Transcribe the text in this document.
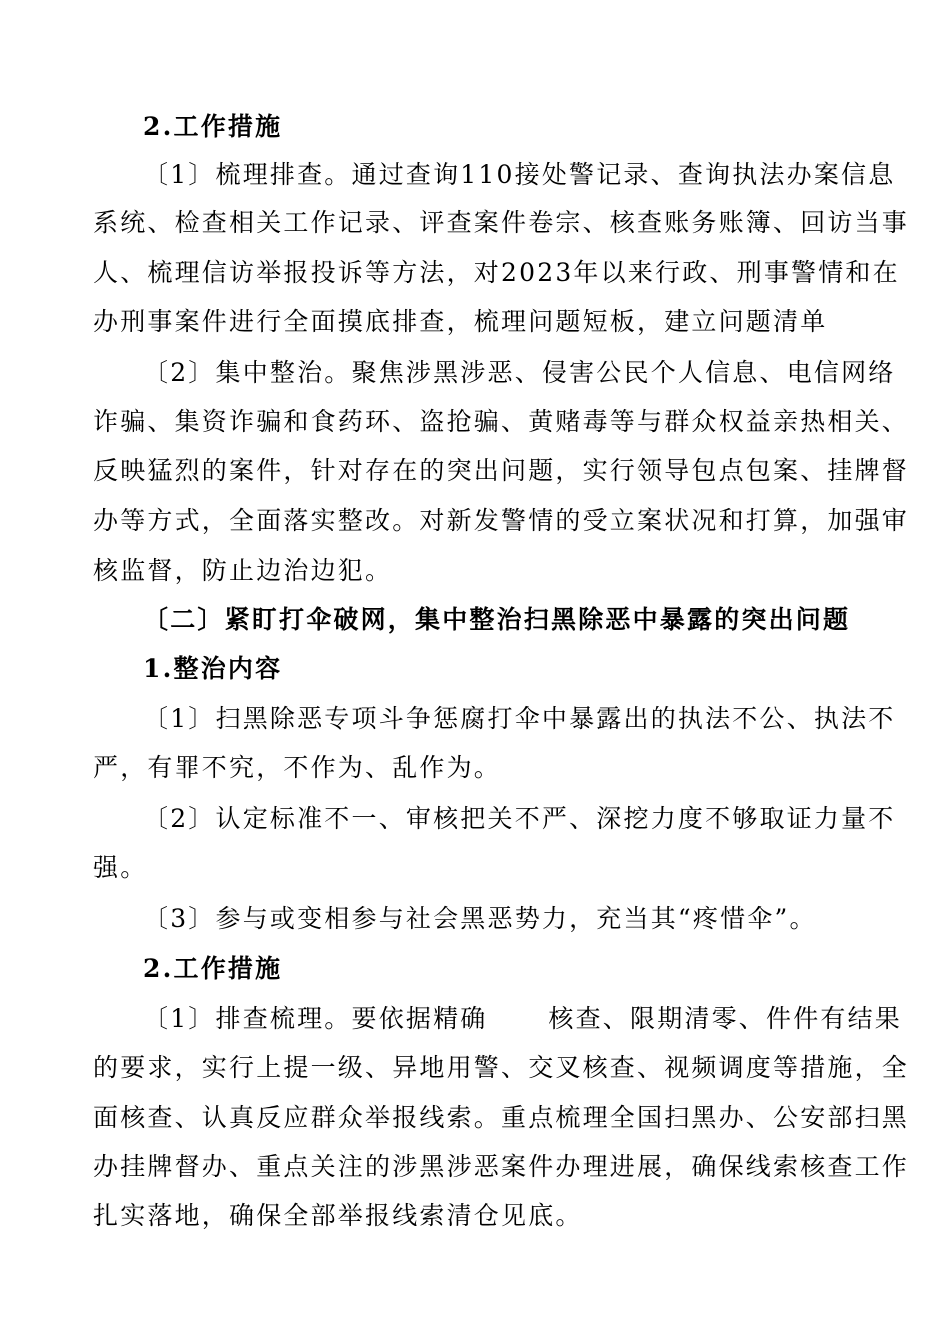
2.工作措施
〔1〕梳理排查。通过查询110接处警记录、查询执法办案信息
系统、检查相关工作记录、评查案件卷宗、核查账务账簿、回访当事
人、梳理信访举报投诉等方法，对2023年以来行政、刑事警情和在
办刑事案件进行全面摸底排查，梳理问题短板，建立问题清单
〔2〕集中整治。聚焦涉黑涉恶、侵害公民个人信息、电信网络
诈骗、集资诈骗和食药环、盗抢骗、黄赌毒等与群众权益亲热相关、
反映猛烈的案件，针对存在的突出问题，实行领导包点包案、挂牌督
办等方式，全面落实整改。对新发警情的受立案状况和打算，加强审
核监督，防止边治边犯。
〔二〕紧盯打伞破网，集中整治扫黑除恶中暴露的突出问题
1.整治内容
〔1〕扫黑除恶专项斗争惩腐打伞中暴露出的执法不公、执法不
严，有罪不究，不作为、乱作为。
〔2〕认定标准不一、审核把关不严、深挖力度不够取证力量不
强。
〔3〕参与或变相参与社会黑恶势力，充当其“疼惜伞”。
2.工作措施
〔1〕排查梳理。要依据精确      核查、限期清零、件件有结果
的要求，实行上提一级、异地用警、交叉核查、视频调度等措施，全
面核查、认真反应群众举报线索。重点梳理全国扫黑办、公安部扫黑
办挂牌督办、重点关注的涉黑涉恶案件办理进展，确保线索核查工作
扎实落地，确保全部举报线索清仓见底。
